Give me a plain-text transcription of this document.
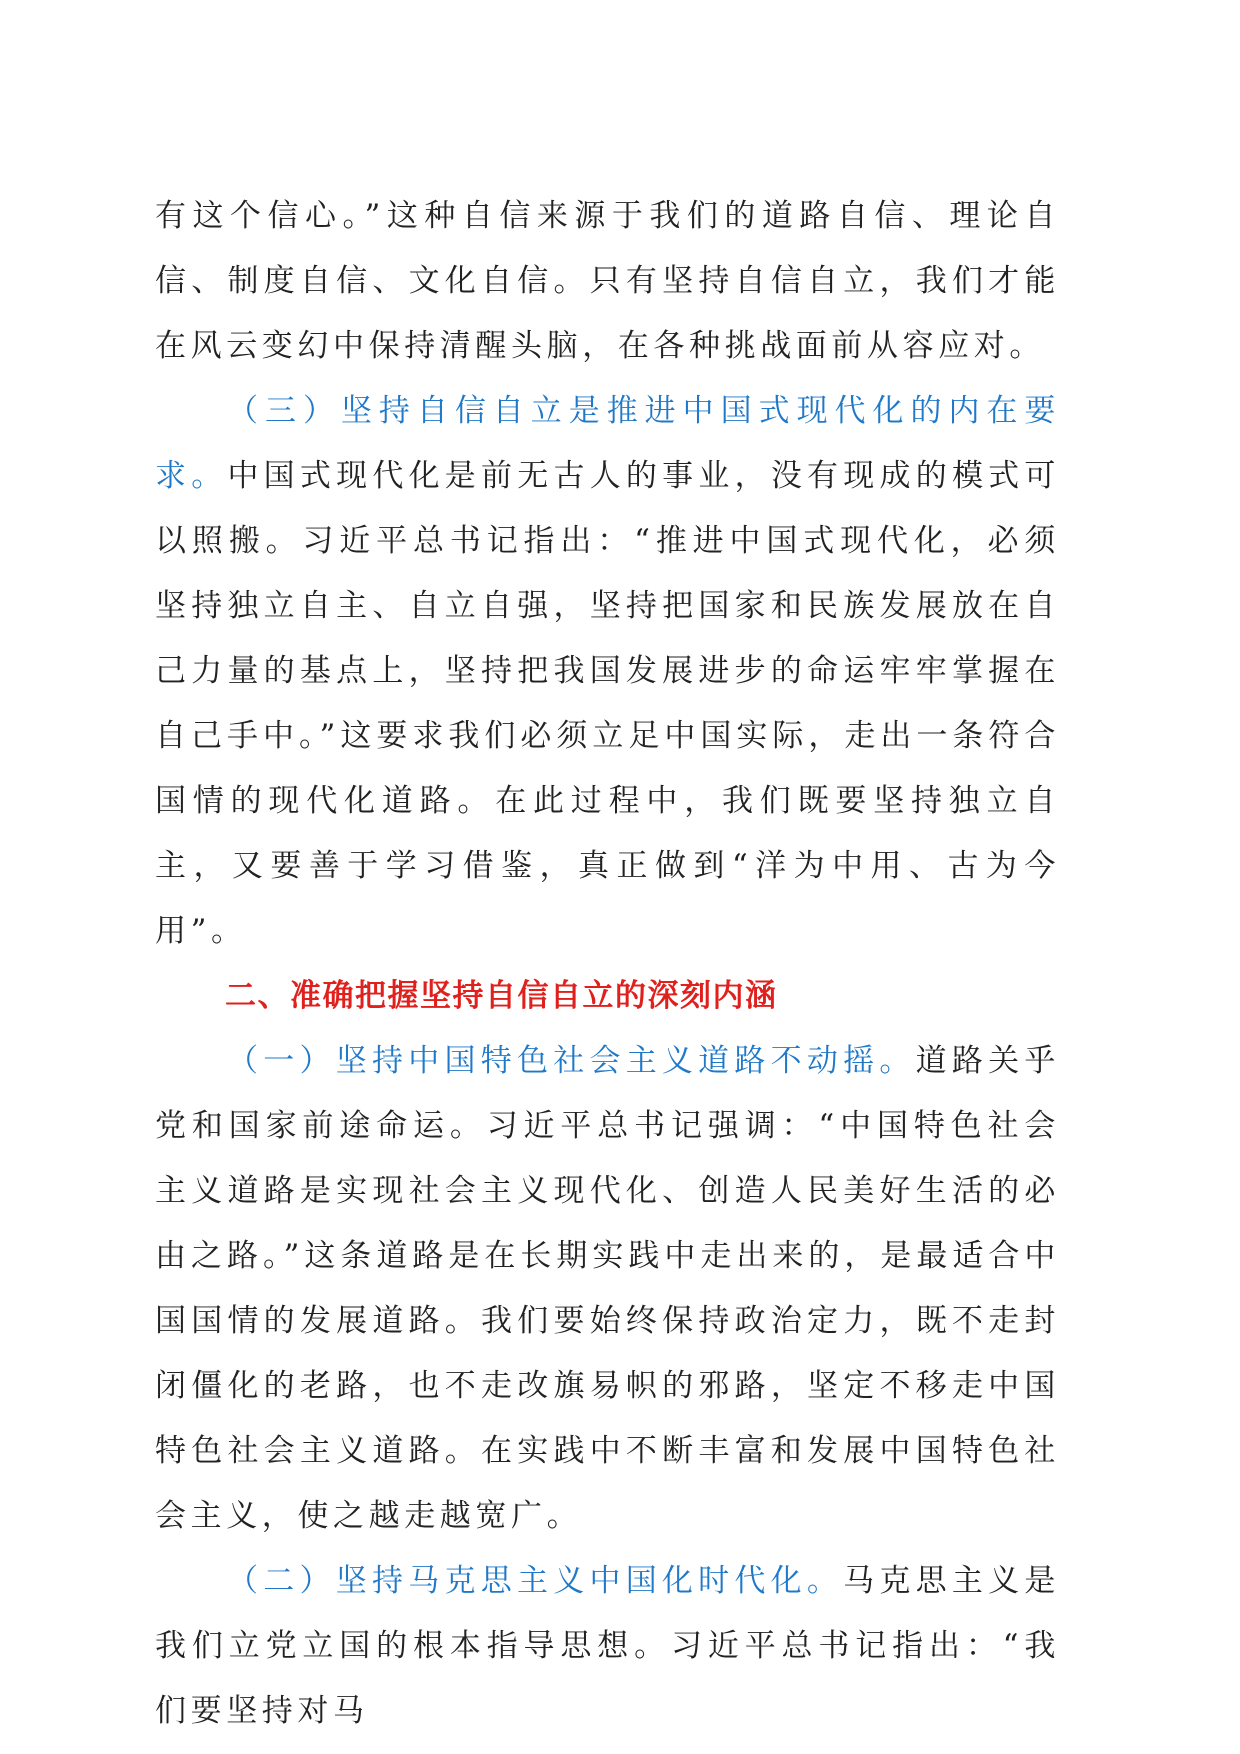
有这个信心。”这种自信来源于我们的道路自信、理论自信、制度自信、文化自信。只有坚持自信自立，我们才能在风云变幻中保持清醒头脑，在各种挑战面前从容应对。

（三）坚持自信自立是推进中国式现代化的内在要求。中国式现代化是前无古人的事业，没有现成的模式可以照搬。习近平总书记指出：“推进中国式现代化，必须坚持独立自主、自立自强，坚持把国家和民族发展放在自己力量的基点上，坚持把我国发展进步的命运牢牢掌握在自己手中。”这要求我们必须立足中国实际，走出一条符合国情的现代化道路。在此过程中，我们既要坚持独立自主，又要善于学习借鉴，真正做到“洋为中用、古为今用”。

二、准确把握坚持自信自立的深刻内涵

（一）坚持中国特色社会主义道路不动摇。道路关乎党和国家前途命运。习近平总书记强调：“中国特色社会主义道路是实现社会主义现代化、创造人民美好生活的必由之路。”这条道路是在长期实践中走出来的，是最适合中国国情的发展道路。我们要始终保持政治定力，既不走封闭僵化的老路，也不走改旗易帜的邪路，坚定不移走中国特色社会主义道路。在实践中不断丰富和发展中国特色社会主义，使之越走越宽广。

（二）坚持马克思主义中国化时代化。马克思主义是我们立党立国的根本指导思想。习近平总书记指出：“我们要坚持对马
